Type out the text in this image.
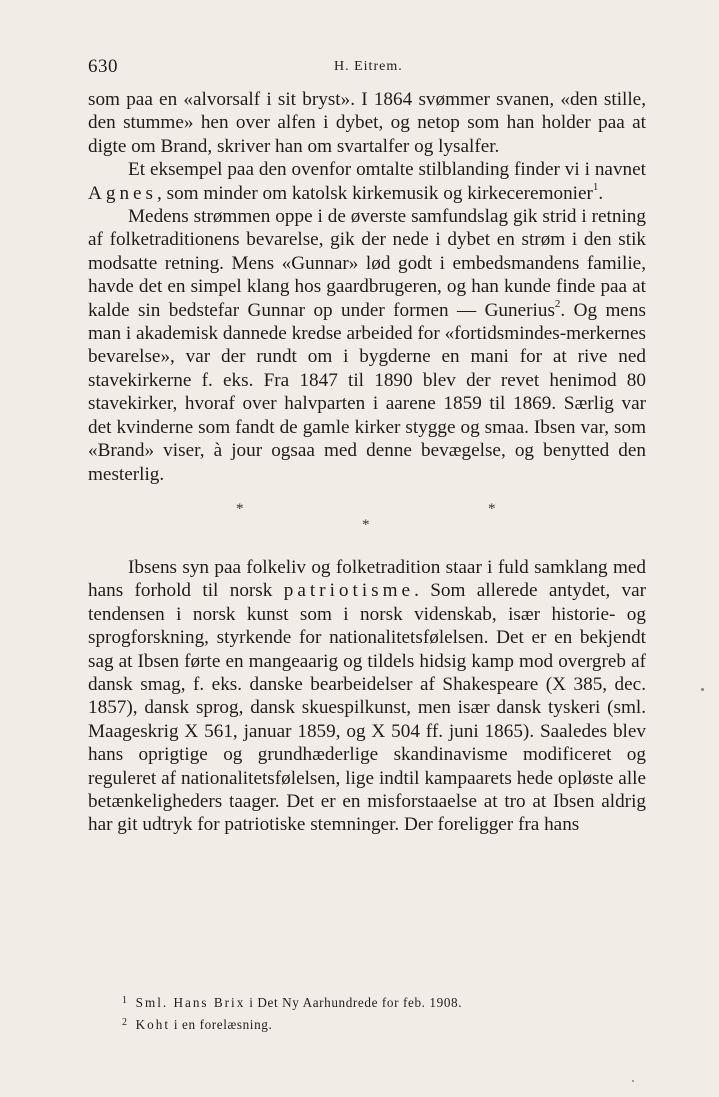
630	H. Eitrem.

som paa en «alvorsalf i sit bryst». I 1864 svømmer svanen, «den stille, den stumme» hen over alfen i dybet, og netop som han holder paa at digte om Brand, skriver han om svartalfer og lysalfer.

Et eksempel paa den ovenfor omtalte stilblanding finder vi i navnet Agnes, som minder om katolsk kirkemusik og kirkeceremonier$^1$.

Medens strømmen oppe i de øverste samfundslag gik strid i retning af folketraditionens bevarelse, gik der nede i dybet en strøm i den stik modsatte retning. Mens «Gunnar» lød godt i embedsmandens familie, havde det en simpel klang hos gaardbrugeren, og han kunde finde paa at kalde sin bedstefar Gunnar op under formen — Gunerius$^2$. Og mens man i akademisk dannede kredse arbeided for «fortidsmindes-merkernes bevarelse», var der rundt om i bygderne en mani for at rive ned stavekirkerne f. eks. Fra 1847 til 1890 blev der revet henimod 80 stavekirker, hvoraf over halvparten i aarene 1859 til 1869. Særlig var det kvinderne som fandt de gamle kirker stygge og smaa. Ibsen var, som «Brand» viser, à jour ogsaa med denne bevægelse, og benytted den mesterlig.

*
*
*

Ibsens syn paa folkeliv og folketradition staar i fuld samklang med hans forhold til norsk patriotisme. Som allerede antydet, var tendensen i norsk kunst som i norsk videnskab, især historie- og sprogforskning, styrkende for nationalitetsfølelsen. Det er en bekjendt sag at Ibsen førte en mangeaarig og tildels hidsig kamp mod overgreb af dansk smag, f. eks. danske bearbeidelser af Shakespeare (X 385, dec. 1857), dansk sprog, dansk skuespilkunst, men især dansk tyskeri (sml. Maageskrig X 561, januar 1859, og X 504 ff. juni 1865). Saaledes blev hans oprigtige og grundhæderlige skandinavisme modificeret og reguleret af nationalitetsfølelsen, lige indtil kampaarets hede opløste alle betænkeligheders taager. Det er en misforstaaelse at tro at Ibsen aldrig har git udtryk for patriotiske stemninger. Der foreligger fra hans

$^1$ Sml. Hans Brix i Det Ny Aarhundrede for feb. 1908.

$^2$ Koht i en forelæsning.
